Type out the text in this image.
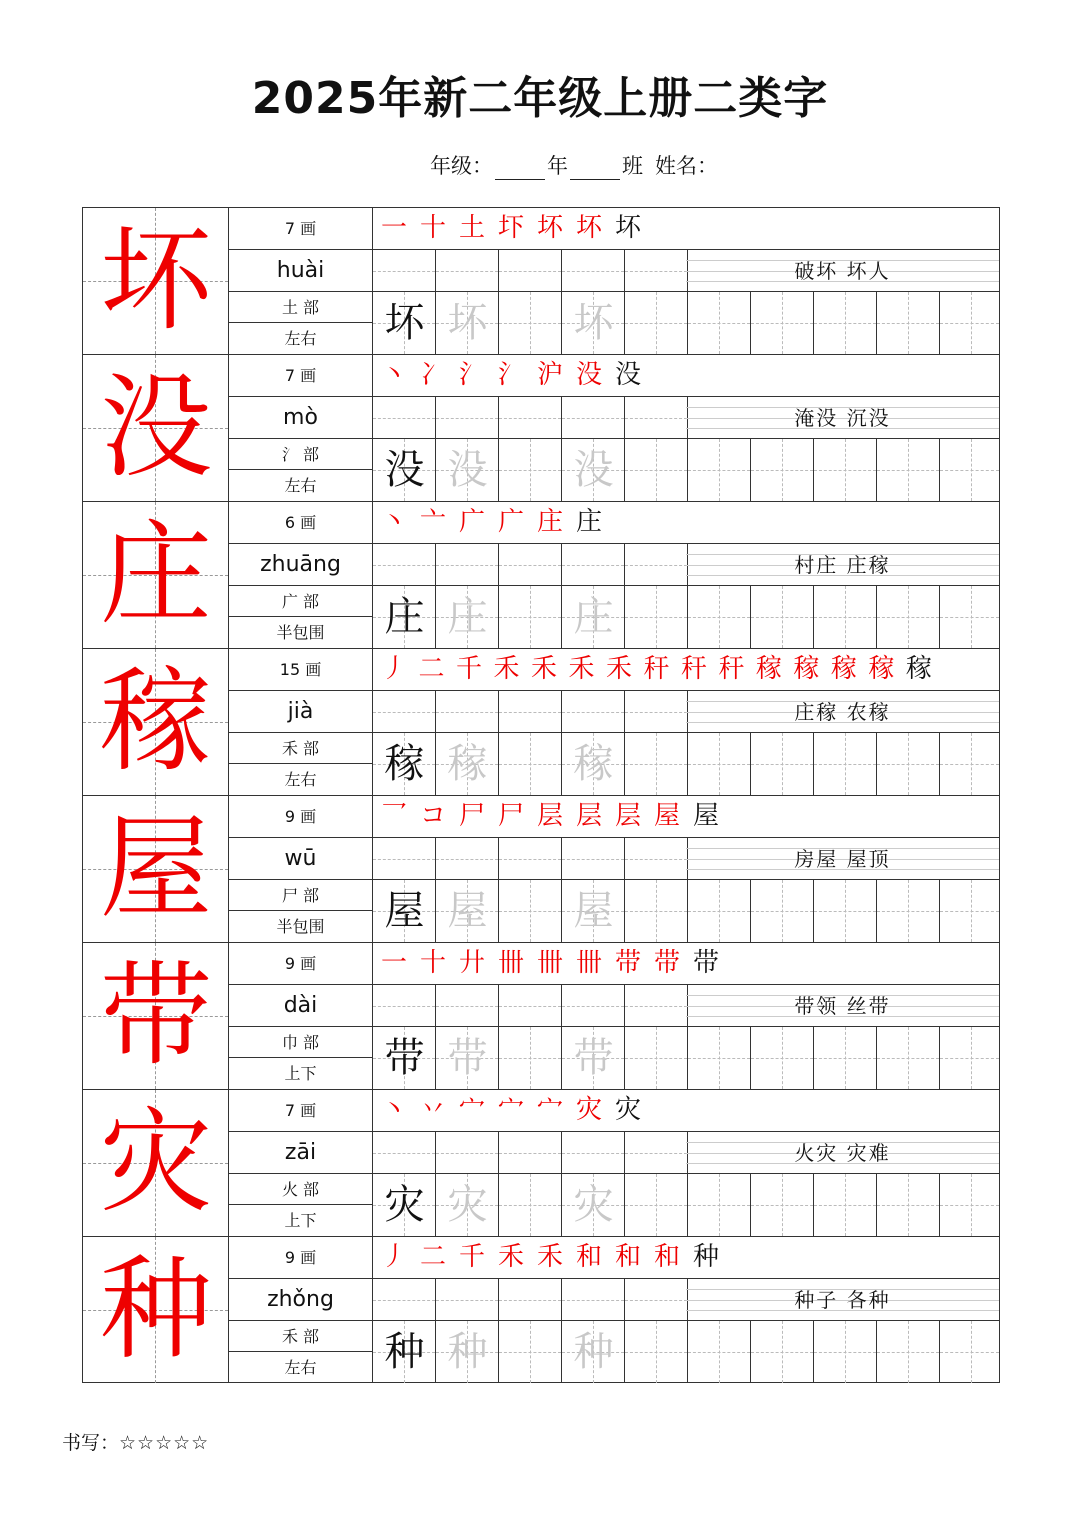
2025年新二年级上册二类字
年级：	年	班 姓名：
坏	7 画
huài
土 部
左右
一 十 土 圷 坏 坏 坏
破坏 坏人
坏 坏 坏
没	7 画
mò
氵 部
左右
丶 冫 氵 氵 沪 没 没
淹没 沉没
没 没 没
庄	6 画
zhuāng
广 部
半包围
丶 亠 广 广 庄 庄
村庄 庄稼
庄 庄 庄
稼	15 画
jià
禾 部
左右
丿 二 千 禾 禾 禾 禾 秆 秆 秆 稼 稼 稼 稼 稼
庄稼 农稼
稼 稼 稼
屋	9 画
wū
尸 部
半包围
乛 コ 尸 尸 层 层 层 屋 屋
房屋 屋顶
屋 屋 屋
带	9 画
dài
巾 部
上下
一 十 廾 卌 卌 卌 带 带 带
带领 丝带
带 带 带
灾	7 画
zāi
火 部
上下
丶 丷 宀 宀 宀 灾 灾
火灾 灾难
灾 灾 灾
种	9 画
zhǒng
禾 部
左右
丿 二 千 禾 禾 和 和 和 种
种子 各种
种 种 种
书写：☆☆☆☆☆
